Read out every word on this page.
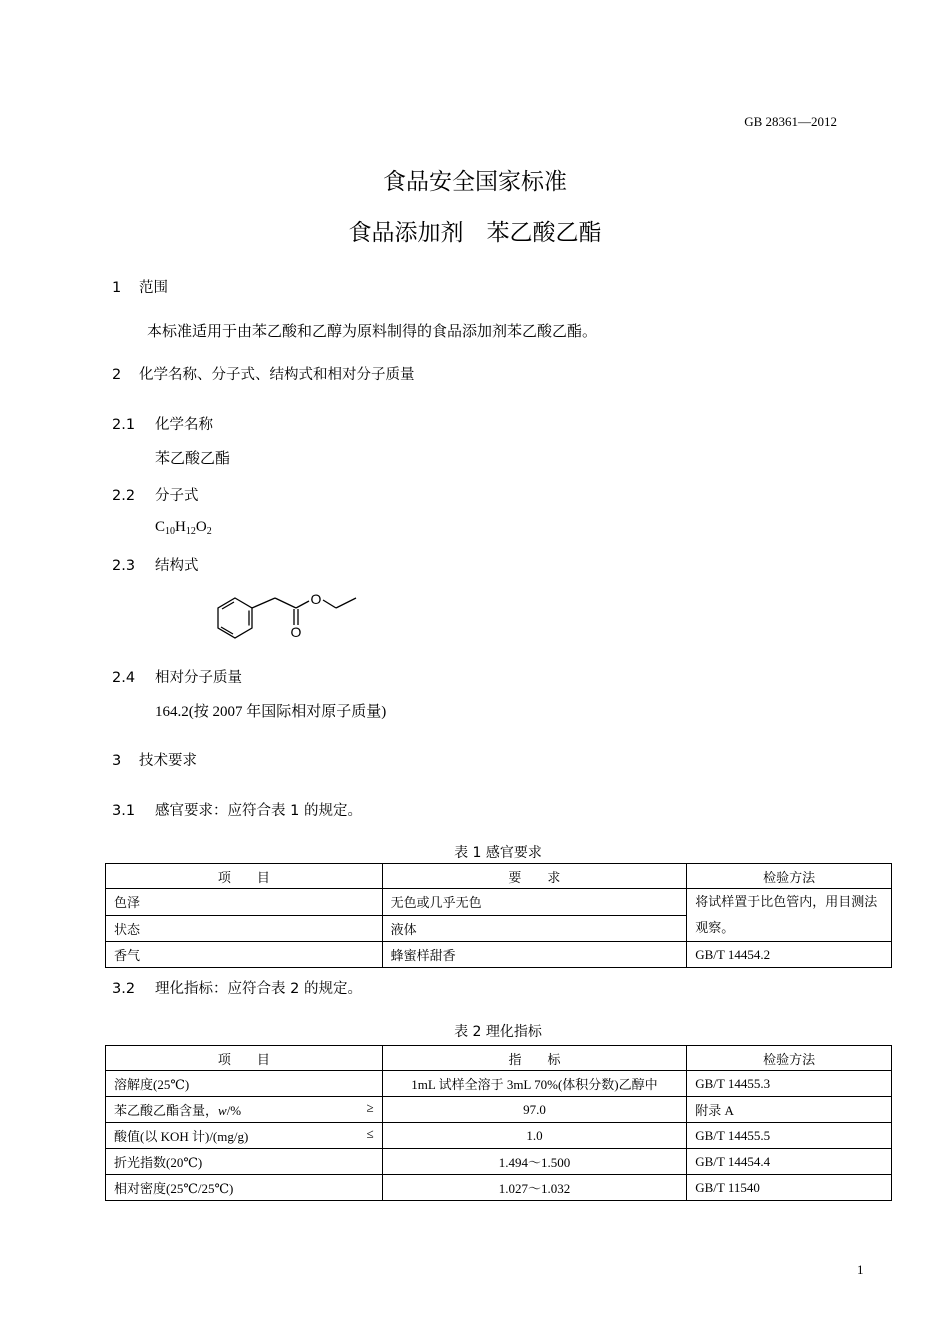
GB 28361—2012
食品安全国家标准
食品添加剂　苯乙酸乙酯
1 范围
本标准适用于由苯乙酸和乙醇为原料制得的食品添加剂苯乙酸乙酯。
2 化学名称、分子式、结构式和相对分子质量
2.1 化学名称
苯乙酸乙酯
2.2 分子式
$C_{10}H_{12}O_2$
2.3 结构式
O
O
2.4 相对分子质量
164.2(按 2007 年国际相对原子质量)
3 技术要求
3.1 感官要求：应符合表 1 的规定。
表 1 感官要求
项　　目	要　　求	检验方法
色泽	无色或几乎无色	将试样置于比色管内，用目测法观察。
状态	液体	
香气	蜂蜜样甜香	GB/T 14454.2
3.2 理化指标：应符合表 2 的规定。
表 2 理化指标
项　　目	指　　标	检验方法
溶解度(25℃)	1mL 试样全溶于 3mL 70%(体积分数)乙醇中	GB/T 14455.3
苯乙酸乙酯含量，w/% ≥	97.0	附录 A
酸值(以 KOH 计)/(mg/g) ≤	1.0	GB/T 14455.5
折光指数(20℃)	1.494～1.500	GB/T 14454.4
相对密度(25℃/25℃)	1.027～1.032	GB/T 11540
1
